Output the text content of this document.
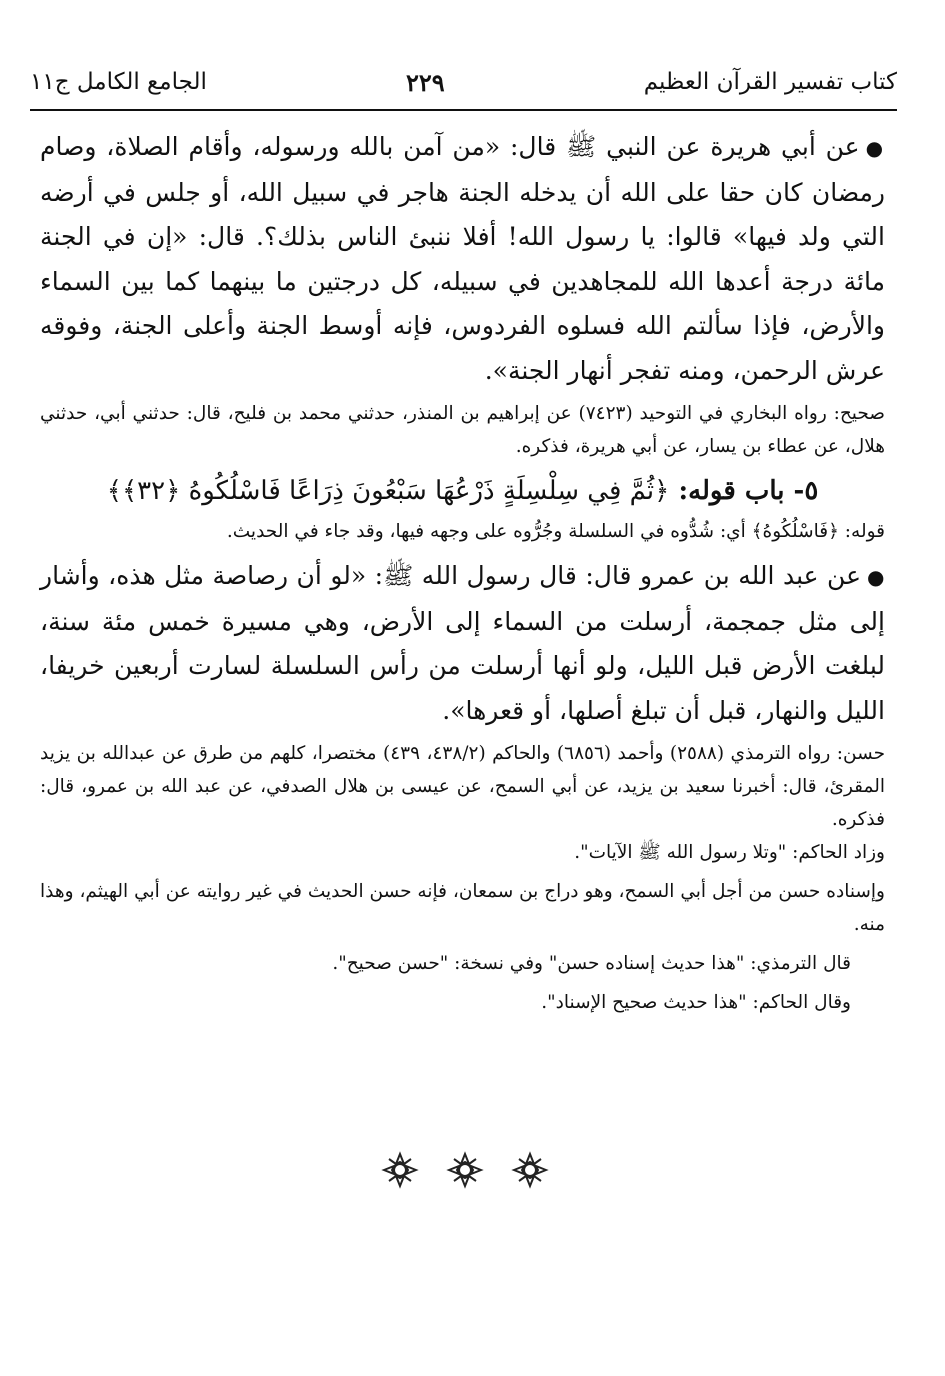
كتاب تفسير القرآن العظيم
٢٢٩
الجامع الكامل ج١١

●عن أبي هريرة عن النبي ﷺ قال: «من آمن بالله ورسوله، وأقام الصلاة، وصام رمضان كان حقا على الله أن يدخله الجنة هاجر في سبيل الله، أو جلس في أرضه التي ولد فيها» قالوا: يا رسول الله! أفلا ننبئ الناس بذلك؟. قال: «إن في الجنة مائة درجة أعدها الله للمجاهدين في سبيله، كل درجتين ما بينهما كما بين السماء والأرض، فإذا سألتم الله فسلوه الفردوس، فإنه أوسط الجنة وأعلى الجنة، وفوقه عرش الرحمن، ومنه تفجر أنهار الجنة».

صحيح: رواه البخاري في التوحيد (٧٤٢٣) عن إبراهيم بن المنذر، حدثني محمد بن فليح، قال: حدثني أبي، حدثني هلال، عن عطاء بن يسار، عن أبي هريرة، فذكره.

٥- باب قوله: ﴿ثُمَّ فِي سِلْسِلَةٍ ذَرْعُهَا سَبْعُونَ ذِرَاعًا فَاسْلُكُوهُ ﴿٣٢﴾﴾

قوله: ﴿فَاسْلُكُوهُ﴾ أي: شُدُّوه في السلسلة وجُرُّوه على وجهه فيها، وقد جاء في الحديث.

●عن عبد الله بن عمرو قال: قال رسول الله ﷺ: «لو أن رصاصة مثل هذه، وأشار إلى مثل جمجمة، أرسلت من السماء إلى الأرض، وهي مسيرة خمس مئة سنة، لبلغت الأرض قبل الليل، ولو أنها أرسلت من رأس السلسلة لسارت أربعين خريفا، الليل والنهار، قبل أن تبلغ أصلها، أو قعرها».

حسن: رواه الترمذي (٢٥٨٨) وأحمد (٦٨٥٦) والحاكم (٤٣٨/٢، ٤٣٩) مختصرا، كلهم من طرق عن عبدالله بن يزيد المقرئ، قال: أخبرنا سعيد بن يزيد، عن أبي السمح، عن عيسى بن هلال الصدفي، عن عبد الله بن عمرو، قال: فذكره.

وزاد الحاكم: "وتلا رسول الله ﷺ الآيات".

وإسناده حسن من أجل أبي السمح، وهو دراج بن سمعان، فإنه حسن الحديث في غير روايته عن أبي الهيثم، وهذا منه.

قال الترمذي: "هذا حديث إسناده حسن" وفي نسخة: "حسن صحيح".

وقال الحاكم: "هذا حديث صحيح الإسناد".
